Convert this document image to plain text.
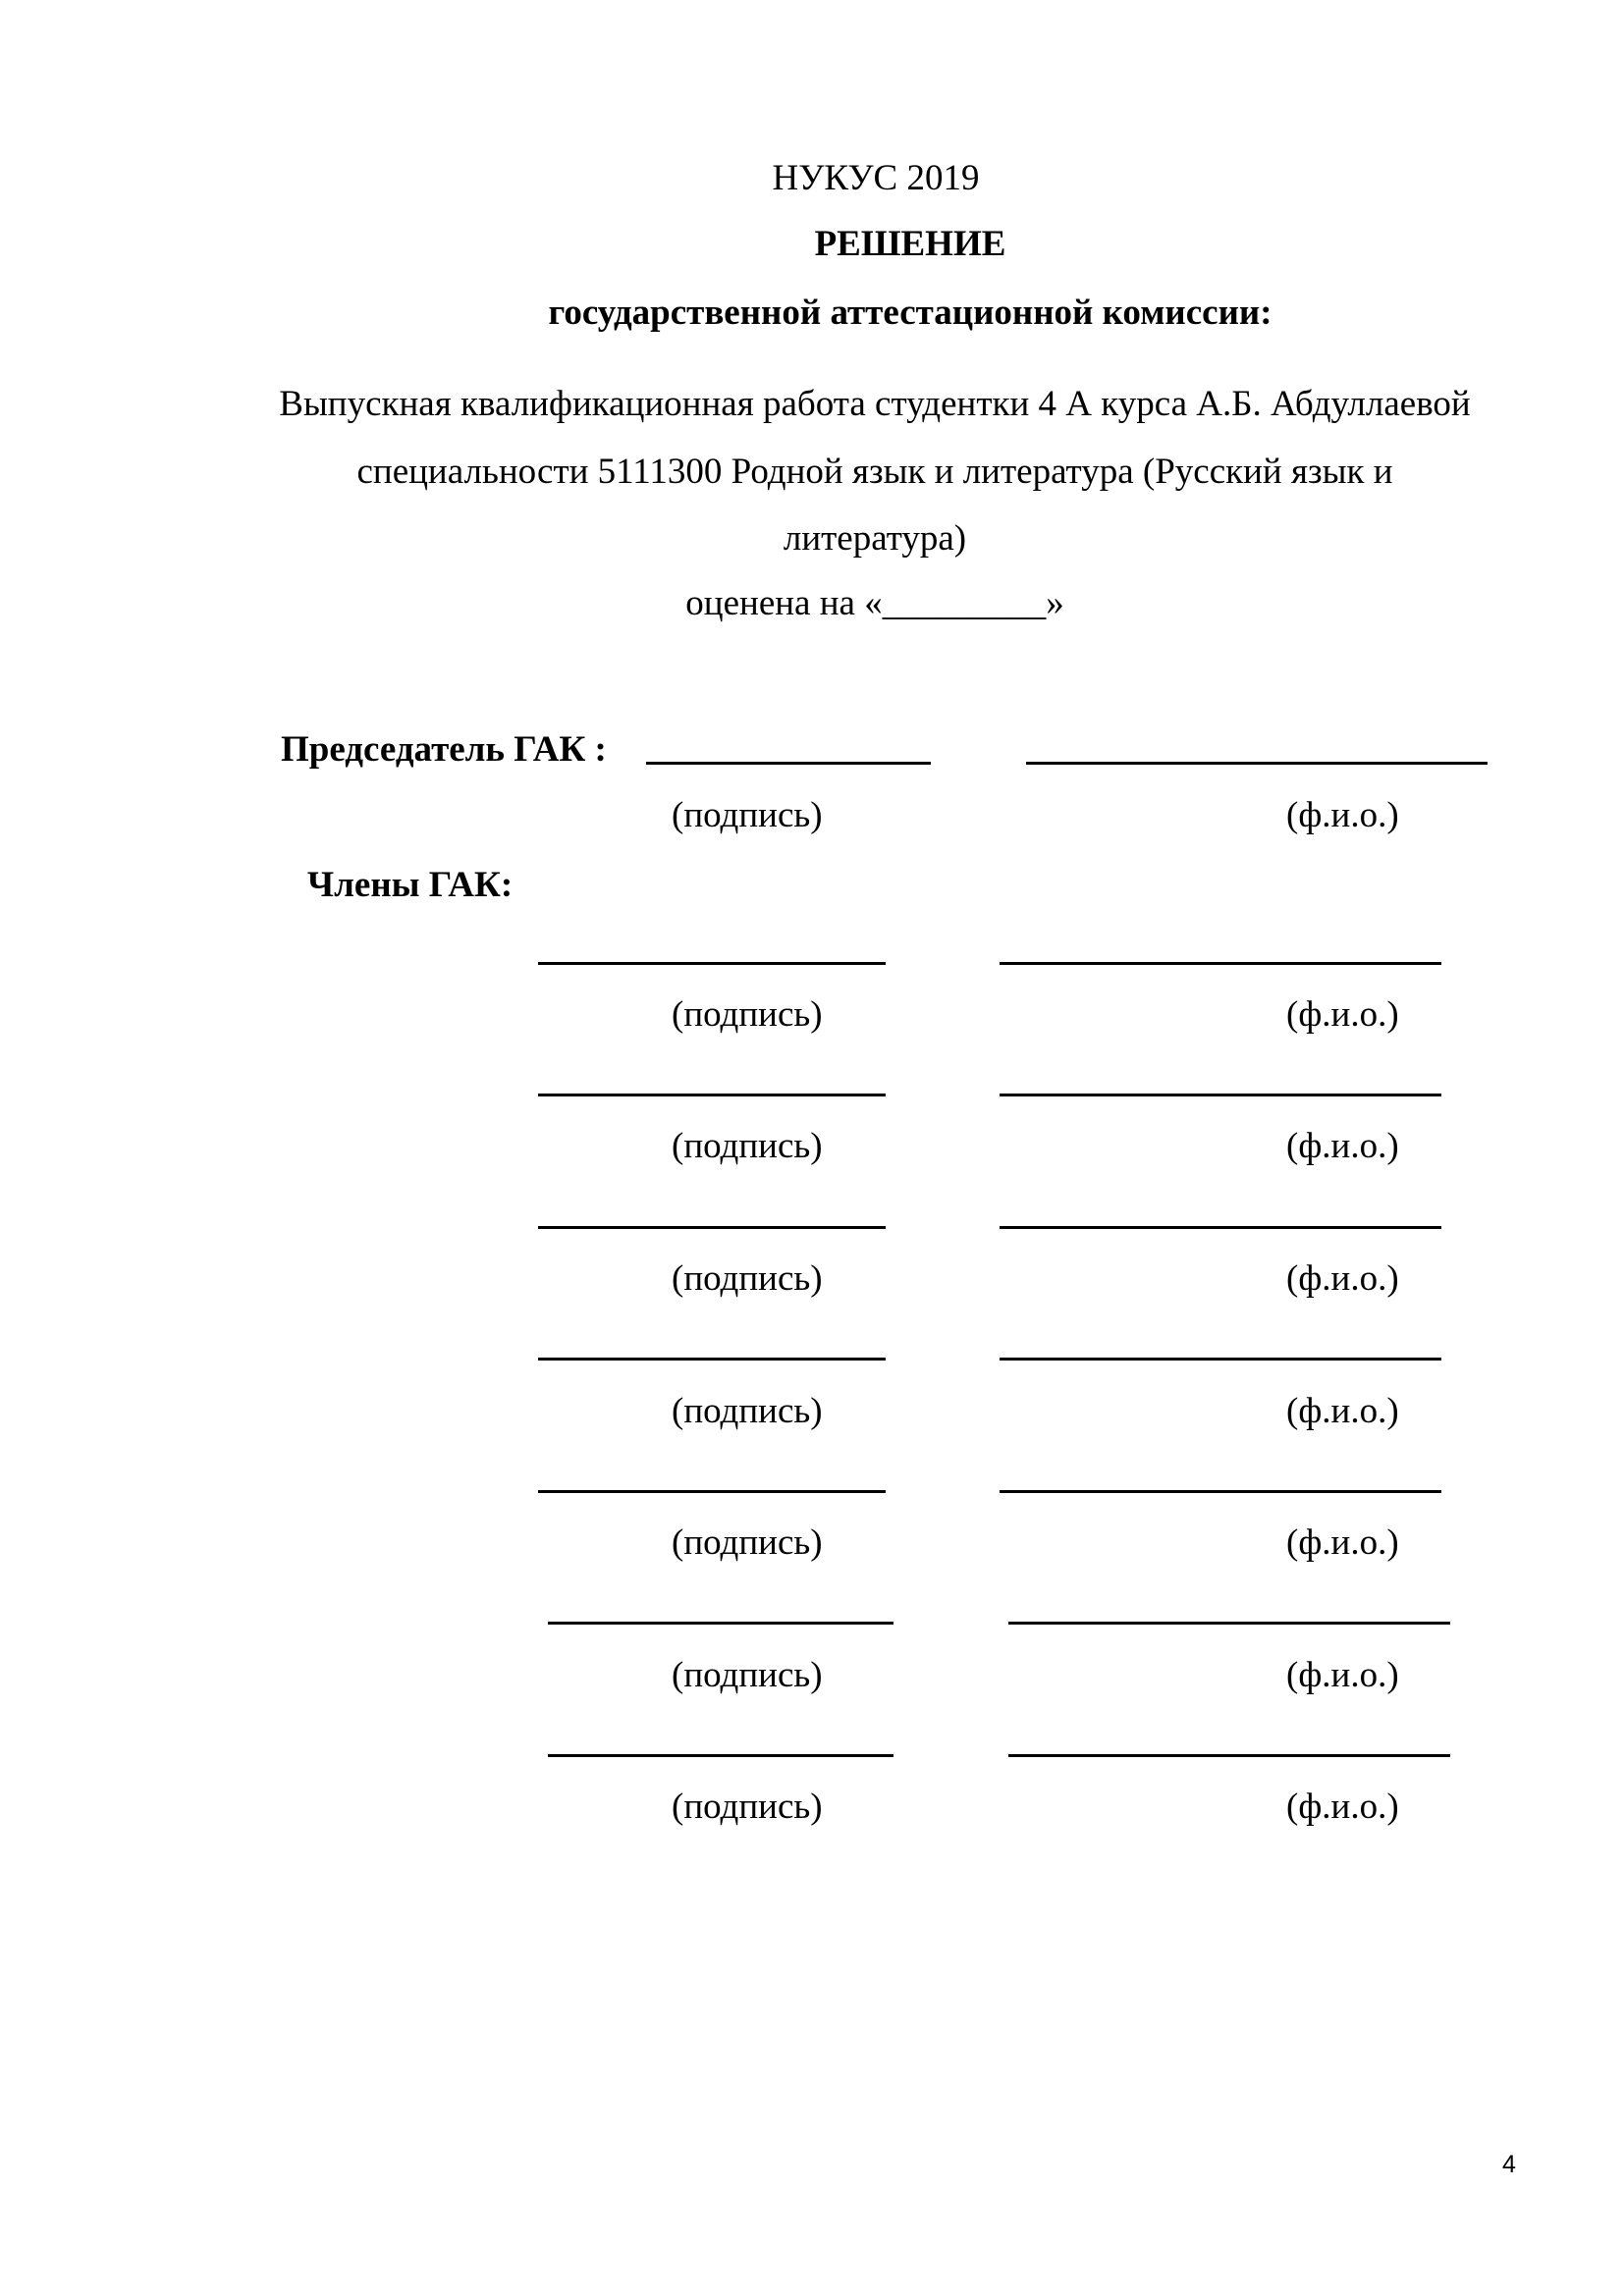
НУКУС 2019
РЕШЕНИЕ
государственной аттестационной комиссии:
Выпускная квалификационная работа студентки 4 А курса А.Б. Абдуллаевой
специальности 5111300 Родной язык и литература (Русский язык и
литература)
оценена на «_________»
Председатель ГАК :
(подпись)	(ф.и.о.)
Члены ГАК:
(подпись)	(ф.и.о.)
(подпись)	(ф.и.о.)
(подпись)	(ф.и.о.)
(подпись)	(ф.и.о.)
(подпись)	(ф.и.о.)
(подпись)	(ф.и.о.)
(подпись)	(ф.и.о.)
4
